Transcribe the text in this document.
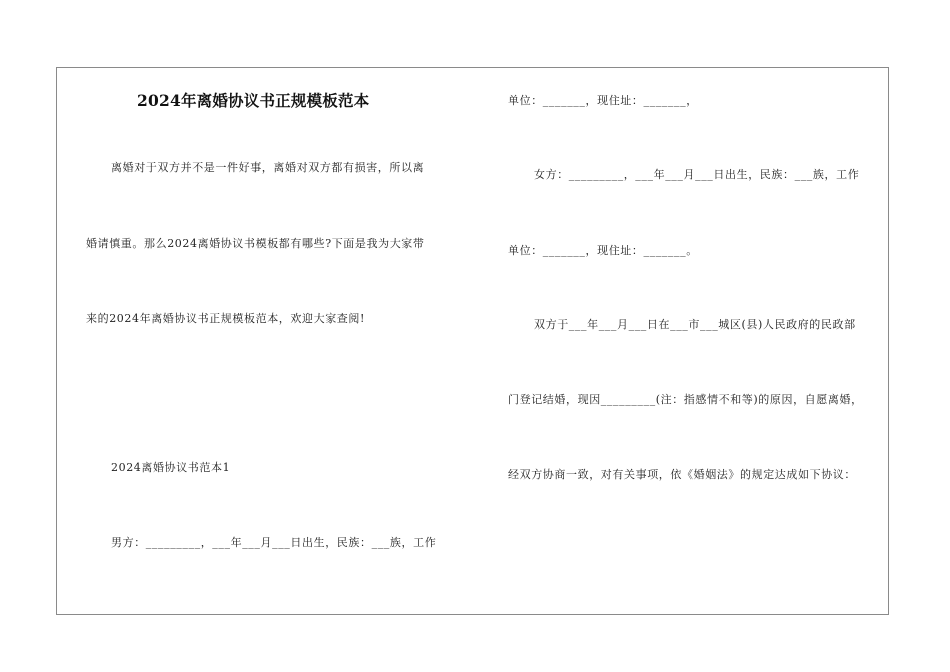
2024年离婚协议书正规模板范本
离婚对于双方并不是一件好事，离婚对双方都有损害，所以离
婚请慎重。那么2024离婚协议书模板都有哪些?下面是我为大家带
来的2024年离婚协议书正规模板范本，欢迎大家查阅!
2024离婚协议书范本1
男方：_________，___年___月___日出生，民族：___族，工作
单位：_______，现住址：_______，
女方：_________，___年___月___日出生，民族：___族，工作
单位：_______，现住址：_______。
双方于___年___月___日在___市___城区(县)人民政府的民政部
门登记结婚，现因_________(注：指感情不和等)的原因，自愿离婚，
经双方协商一致，对有关事项，依《婚姻法》的规定达成如下协议：
